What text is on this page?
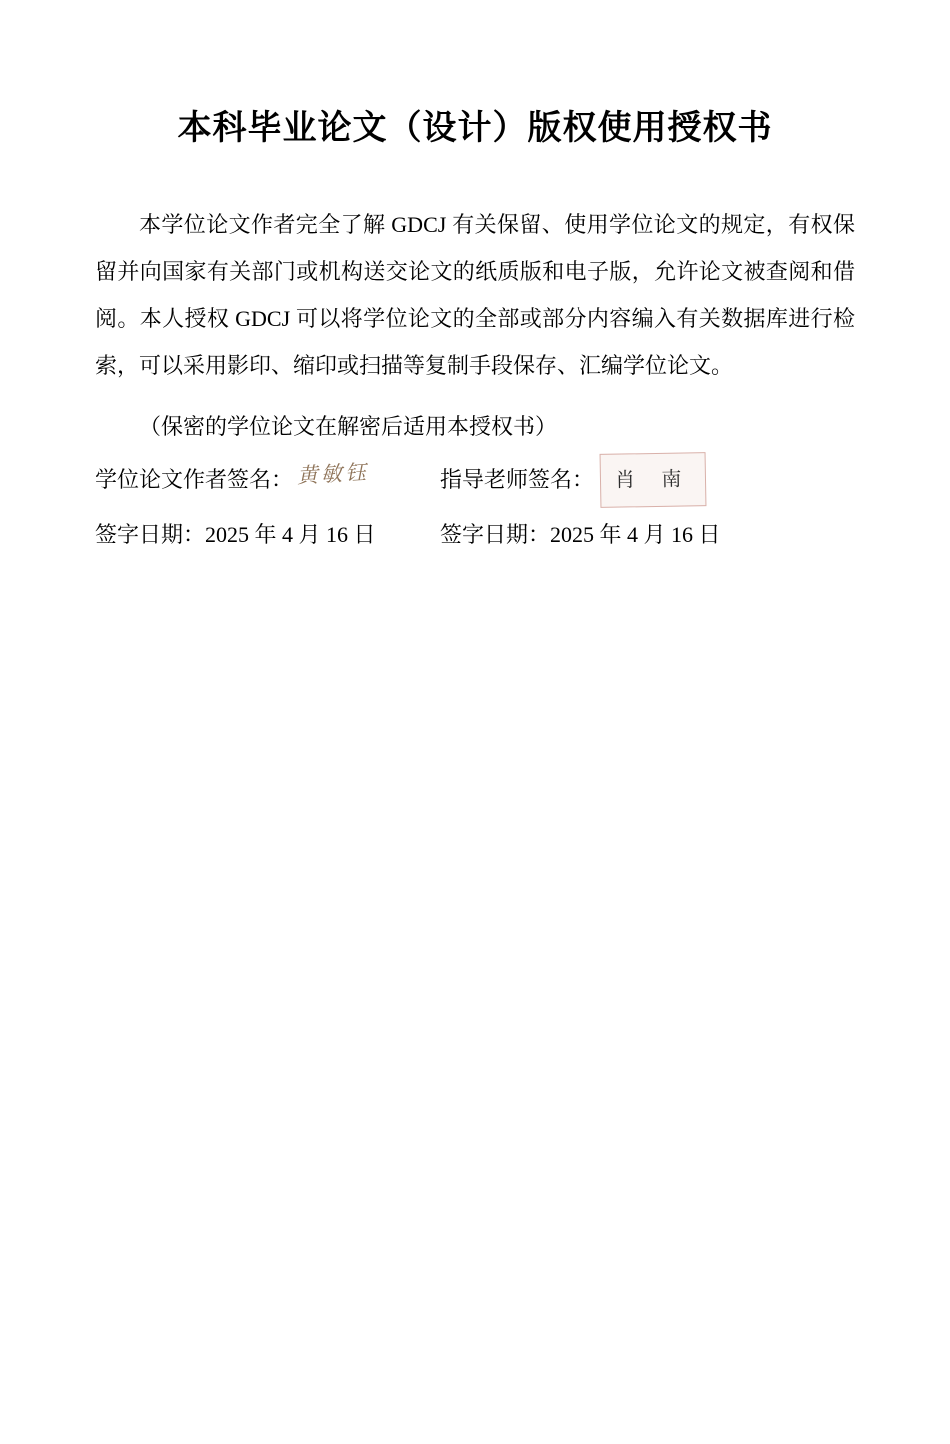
本科毕业论文（设计）版权使用授权书

本学位论文作者完全了解 GDCJ 有关保留、使用学位论文的规定，有权保留并向国家有关部门或机构送交论文的纸质版和电子版，允许论文被查阅和借阅。本人授权 GDCJ 可以将学位论文的全部或部分内容编入有关数据库进行检索，可以采用影印、缩印或扫描等复制手段保存、汇编学位论文。

（保密的学位论文在解密后适用本授权书）
学位论文作者签名： 黄敏钰	指导老师签名：	肖 南
签字日期：2025 年 4 月 16 日	签字日期：2025 年 4 月 16 日
